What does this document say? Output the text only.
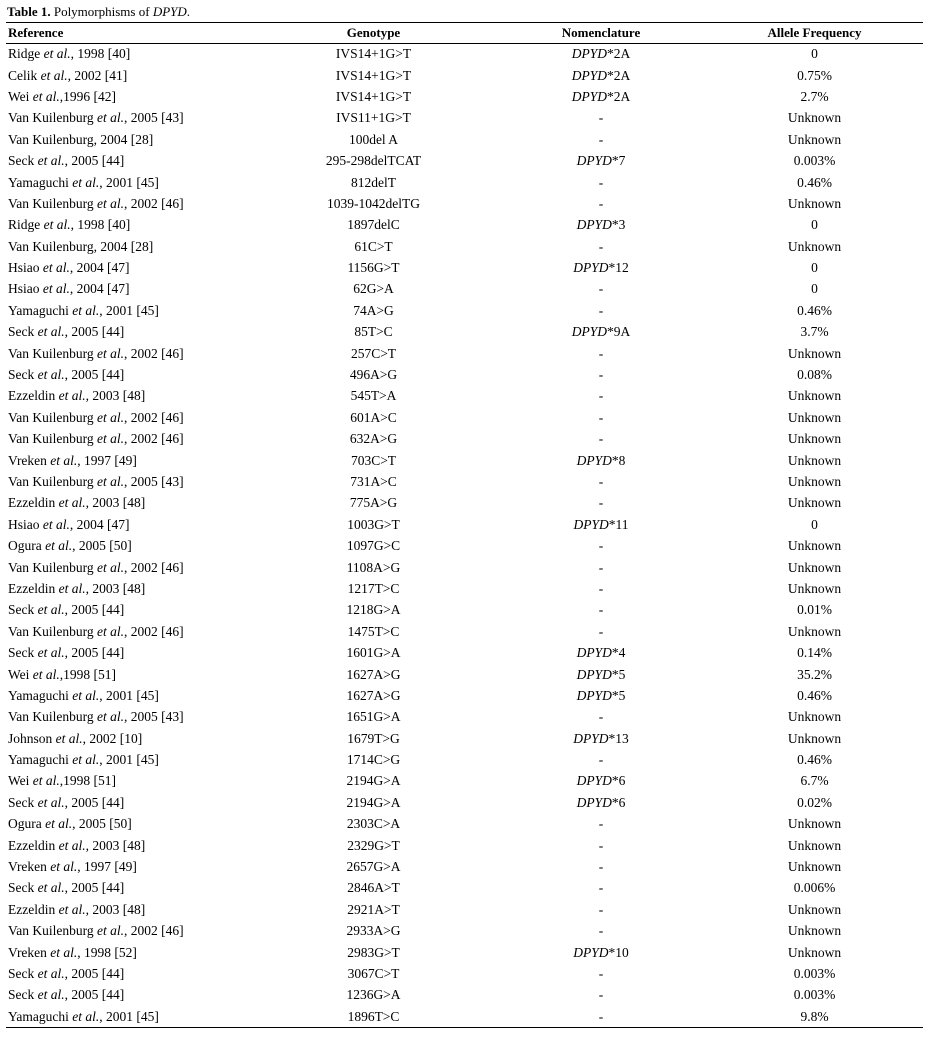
Table 1. Polymorphisms of DPYD.
Reference	Genotype	Nomenclature	Allele Frequency
Ridge et al., 1998 [40]	IVS14+1G>T	DPYD*2A	0
Celik et al., 2002 [41]	IVS14+1G>T	DPYD*2A	0.75%
Wei et al.,1996 [42]	IVS14+1G>T	DPYD*2A	2.7%
Van Kuilenburg et al., 2005 [43]	IVS11+1G>T	-	Unknown
Van Kuilenburg, 2004 [28]	100del A	-	Unknown
Seck et al., 2005 [44]	295-298delTCAT	DPYD*7	0.003%
Yamaguchi et al., 2001 [45]	812delT	-	0.46%
Van Kuilenburg et al., 2002 [46]	1039-1042delTG	-	Unknown
Ridge et al., 1998 [40]	1897delC	DPYD*3	0
Van Kuilenburg, 2004 [28]	61C>T	-	Unknown
Hsiao et al., 2004 [47]	1156G>T	DPYD*12	0
Hsiao et al., 2004 [47]	62G>A	-	0
Yamaguchi et al., 2001 [45]	74A>G	-	0.46%
Seck et al., 2005 [44]	85T>C	DPYD*9A	3.7%
Van Kuilenburg et al., 2002 [46]	257C>T	-	Unknown
Seck et al., 2005 [44]	496A>G	-	0.08%
Ezzeldin et al., 2003 [48]	545T>A	-	Unknown
Van Kuilenburg et al., 2002 [46]	601A>C	-	Unknown
Van Kuilenburg et al., 2002 [46]	632A>G	-	Unknown
Vreken et al., 1997 [49]	703C>T	DPYD*8	Unknown
Van Kuilenburg et al., 2005 [43]	731A>C	-	Unknown
Ezzeldin et al., 2003 [48]	775A>G	-	Unknown
Hsiao et al., 2004 [47]	1003G>T	DPYD*11	0
Ogura et al., 2005 [50]	1097G>C	-	Unknown
Van Kuilenburg et al., 2002 [46]	1108A>G	-	Unknown
Ezzeldin et al., 2003 [48]	1217T>C	-	Unknown
Seck et al., 2005 [44]	1218G>A	-	0.01%
Van Kuilenburg et al., 2002 [46]	1475T>C	-	Unknown
Seck et al., 2005 [44]	1601G>A	DPYD*4	0.14%
Wei et al.,1998 [51]	1627A>G	DPYD*5	35.2%
Yamaguchi et al., 2001 [45]	1627A>G	DPYD*5	0.46%
Van Kuilenburg et al., 2005 [43]	1651G>A	-	Unknown
Johnson et al., 2002 [10]	1679T>G	DPYD*13	Unknown
Yamaguchi et al., 2001 [45]	1714C>G	-	0.46%
Wei et al.,1998 [51]	2194G>A	DPYD*6	6.7%
Seck et al., 2005 [44]	2194G>A	DPYD*6	0.02%
Ogura et al., 2005 [50]	2303C>A	-	Unknown
Ezzeldin et al., 2003 [48]	2329G>T	-	Unknown
Vreken et al., 1997 [49]	2657G>A	-	Unknown
Seck et al., 2005 [44]	2846A>T	-	0.006%
Ezzeldin et al., 2003 [48]	2921A>T	-	Unknown
Van Kuilenburg et al., 2002 [46]	2933A>G	-	Unknown
Vreken et al., 1998 [52]	2983G>T	DPYD*10	Unknown
Seck et al., 2005 [44]	3067C>T	-	0.003%
Seck et al., 2005 [44]	1236G>A	-	0.003%
Yamaguchi et al., 2001 [45]	1896T>C	-	9.8%
